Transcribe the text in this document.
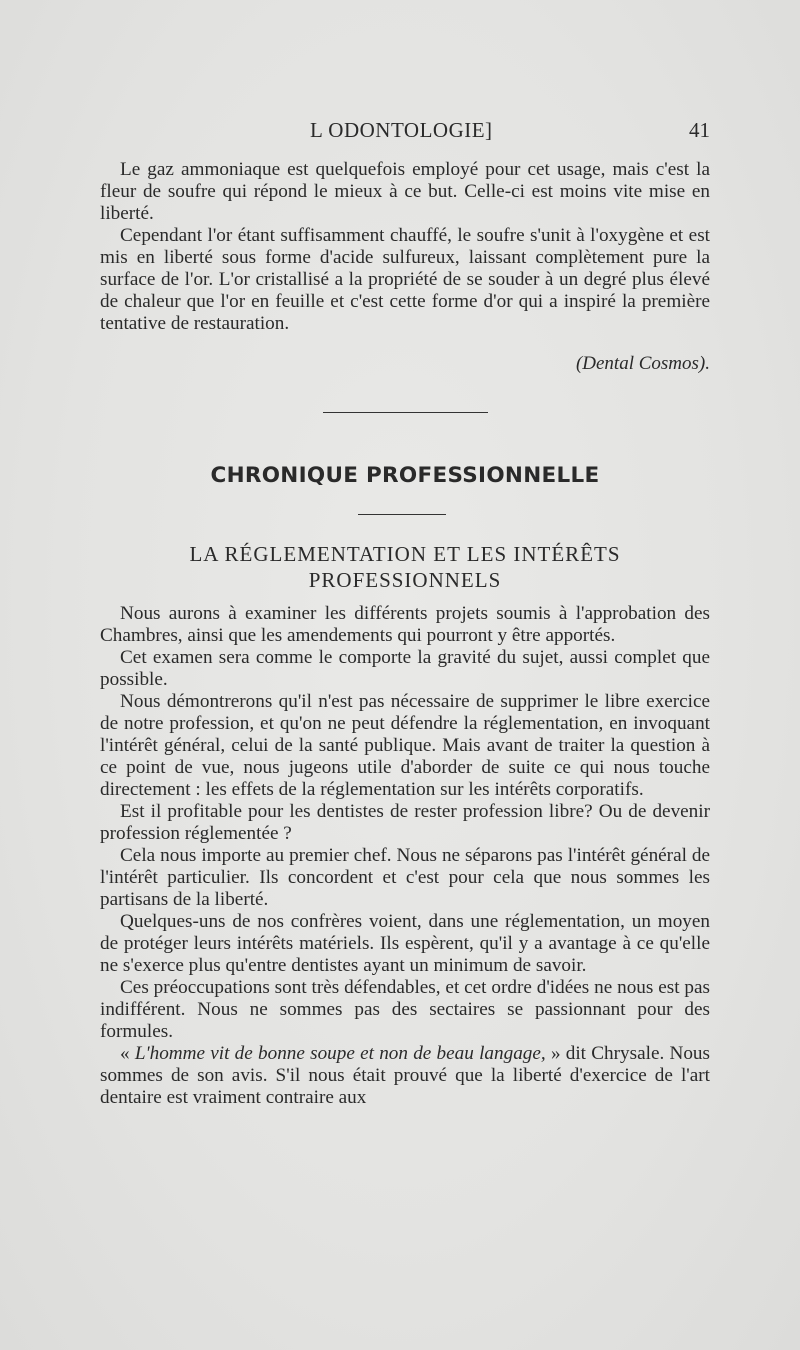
L ODONTOLOGIE]	41

Le gaz ammoniaque est quelquefois employé pour cet usage, mais c'est la fleur de soufre qui répond le mieux à ce but. Celle-ci est moins vite mise en liberté.

Cependant l'or étant suffisamment chauffé, le soufre s'unit à l'oxygène et est mis en liberté sous forme d'acide sulfureux, laissant complètement pure la surface de l'or. L'or cristallisé a la propriété de se souder à un degré plus élevé de chaleur que l'or en feuille et c'est cette forme d'or qui a inspiré la première tentative de restauration.

(Dental Cosmos).
CHRONIQUE PROFESSIONNELLE
LA RÉGLEMENTATION ET LES INTÉRÊTS
PROFESSIONNELS

Nous aurons à examiner les différents projets soumis à l'approbation des Chambres, ainsi que les amendements qui pourront y être apportés.

Cet examen sera comme le comporte la gravité du sujet, aussi complet que possible.

Nous démontrerons qu'il n'est pas nécessaire de supprimer le libre exercice de notre profession, et qu'on ne peut défendre la réglementation, en invoquant l'intérêt général, celui de la santé publique. Mais avant de traiter la question à ce point de vue, nous jugeons utile d'aborder de suite ce qui nous touche directement : les effets de la réglementation sur les intérêts corporatifs.

Est il profitable pour les dentistes de rester profession libre? Ou de devenir profession réglementée ?

Cela nous importe au premier chef. Nous ne séparons pas l'intérêt général de l'intérêt particulier. Ils concordent et c'est pour cela que nous sommes les partisans de la liberté.

Quelques-uns de nos confrères voient, dans une réglementation, un moyen de protéger leurs intérêts matériels. Ils espèrent, qu'il y a avantage à ce qu'elle ne s'exerce plus qu'entre dentistes ayant un minimum de savoir.

Ces préoccupations sont très défendables, et cet ordre d'idées ne nous est pas indifférent. Nous ne sommes pas des sectaires se passionnant pour des formules.

« L'homme vit de bonne soupe et non de beau langage, » dit Chrysale. Nous sommes de son avis. S'il nous était prouvé que la liberté d'exercice de l'art dentaire est vraiment contraire aux
